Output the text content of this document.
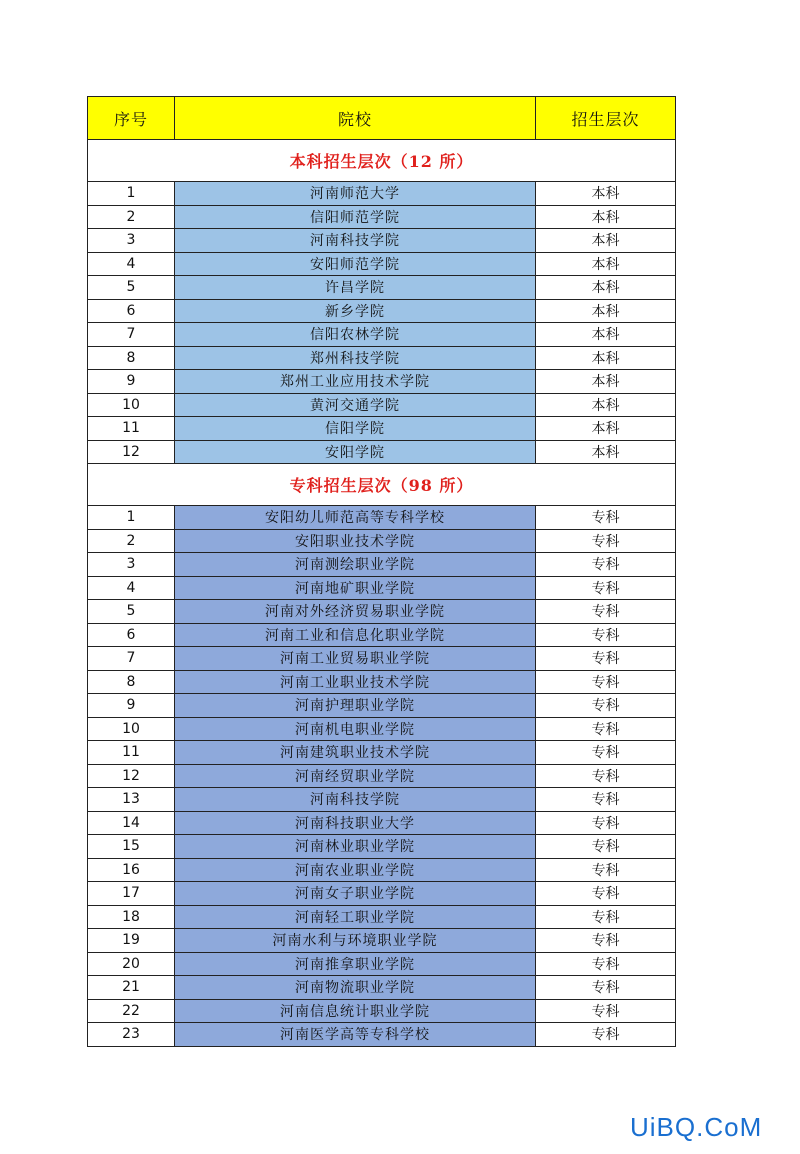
序号	院校	招生层次
本科招生层次（12 所）		
1	河南师范大学	本科
2	信阳师范学院	本科
3	河南科技学院	本科
4	安阳师范学院	本科
5	许昌学院	本科
6	新乡学院	本科
7	信阳农林学院	本科
8	郑州科技学院	本科
9	郑州工业应用技术学院	本科
10	黄河交通学院	本科
11	信阳学院	本科
12	安阳学院	本科
专科招生层次（98 所）		
1	安阳幼儿师范高等专科学校	专科
2	安阳职业技术学院	专科
3	河南测绘职业学院	专科
4	河南地矿职业学院	专科
5	河南对外经济贸易职业学院	专科
6	河南工业和信息化职业学院	专科
7	河南工业贸易职业学院	专科
8	河南工业职业技术学院	专科
9	河南护理职业学院	专科
10	河南机电职业学院	专科
11	河南建筑职业技术学院	专科
12	河南经贸职业学院	专科
13	河南科技学院	专科
14	河南科技职业大学	专科
15	河南林业职业学院	专科
16	河南农业职业学院	专科
17	河南女子职业学院	专科
18	河南轻工职业学院	专科
19	河南水利与环境职业学院	专科
20	河南推拿职业学院	专科
21	河南物流职业学院	专科
22	河南信息统计职业学院	专科
23	河南医学高等专科学校	专科
UiBQ.CoM
